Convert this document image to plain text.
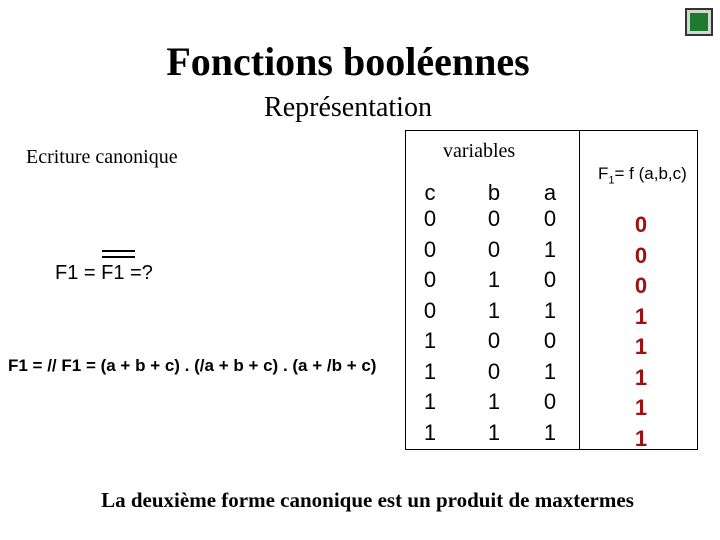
Fonctions booléennes
Représentation
Ecriture canonique
F1 = F1 =?
F1 = // F1 = (a + b + c) . (/a + b + c) . (a + /b + c)
variables
$F_1= f$ (a,b,c)
c	b	a
0	0	0	0
0	0	1	0
0	1	0	0
0	1	1	1
1	0	0	1
1	0	1	1
1	1	0	1
1	1	1	1
La deuxième forme canonique est un produit de maxtermes
